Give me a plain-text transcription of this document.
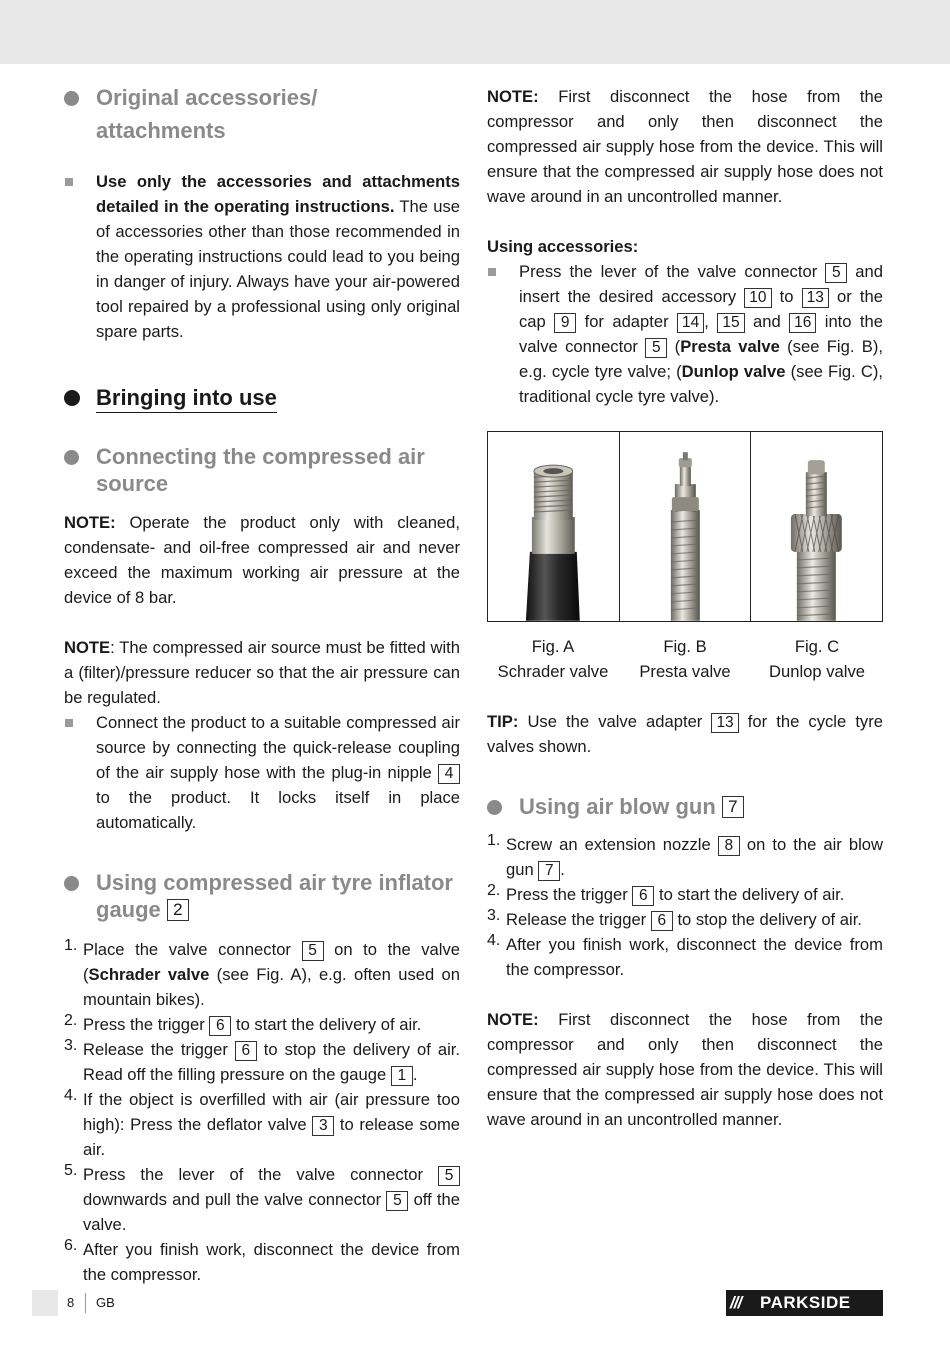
Original accessories/
attachments

Use only the accessories and attachments detailed in the operating instructions. The use of accessories other than those recommended in the operating instructions could lead to you being in danger of injury. Always have your air-powered tool repaired by a professional using only original spare parts.

Bringing into use
Connecting the compressed air source

NOTE: Operate the product only with cleaned, condensate- and oil-free compressed air and never exceed the maximum working air pressure at the device of 8 bar.

NOTE: The compressed air source must be fitted with a (filter)/pressure reducer so that the air pressure can be regulated.

Connect the product to a suitable compressed air source by connecting the quick-release coupling of the air supply hose with the plug-in nipple 4 to the product. It locks itself in place automatically.

Using compressed air tyre inflator gauge 2
1. Place the valve connector 5 on to the valve (Schrader valve (see Fig. A), e.g. often used on mountain bikes).

2. Press the trigger 6 to start the delivery of air.

3. Release the trigger 6 to stop the delivery of air. Read off the filling pressure on the gauge 1 .

4. If the object is overfilled with air (air pressure too high): Press the deflator valve 3 to release some air.

5. Press the lever of the valve connector 5 downwards and pull the valve connector 5 off the valve.

6. After you finish work, disconnect the device from the compressor.

NOTE: First disconnect the hose from the compressor and only then disconnect the compressed air supply hose from the device. This will ensure that the compressed air supply hose does not wave around in an uncontrolled manner.

Using accessories:

Press the lever of the valve connector 5 and insert the desired accessory 10 to 13 or the cap 9 for adapter 14 , 15 and 16 into the valve connector 5 (Presta valve (see Fig. B), e.g. cycle tyre valve; (Dunlop valve (see Fig. C), traditional cycle tyre valve).

Fig. A
Schrader valve
Fig. B
Presta valve
Fig. C
Dunlop valve

TIP: Use the valve adapter 13 for the cycle tyre valves shown.

Using air blow gun 7
1. Screw an extension nozzle 8 on to the air blow gun 7 .

2. Press the trigger 6 to start the delivery of air.

3. Release the trigger 6 to stop the delivery of air.

4. After you finish work, disconnect the device from the compressor.

NOTE: First disconnect the hose from the compressor and only then disconnect the compressed air supply hose from the device. This will ensure that the compressed air supply hose does not wave around in an uncontrolled manner.

8 GB	/// PARKSIDE
